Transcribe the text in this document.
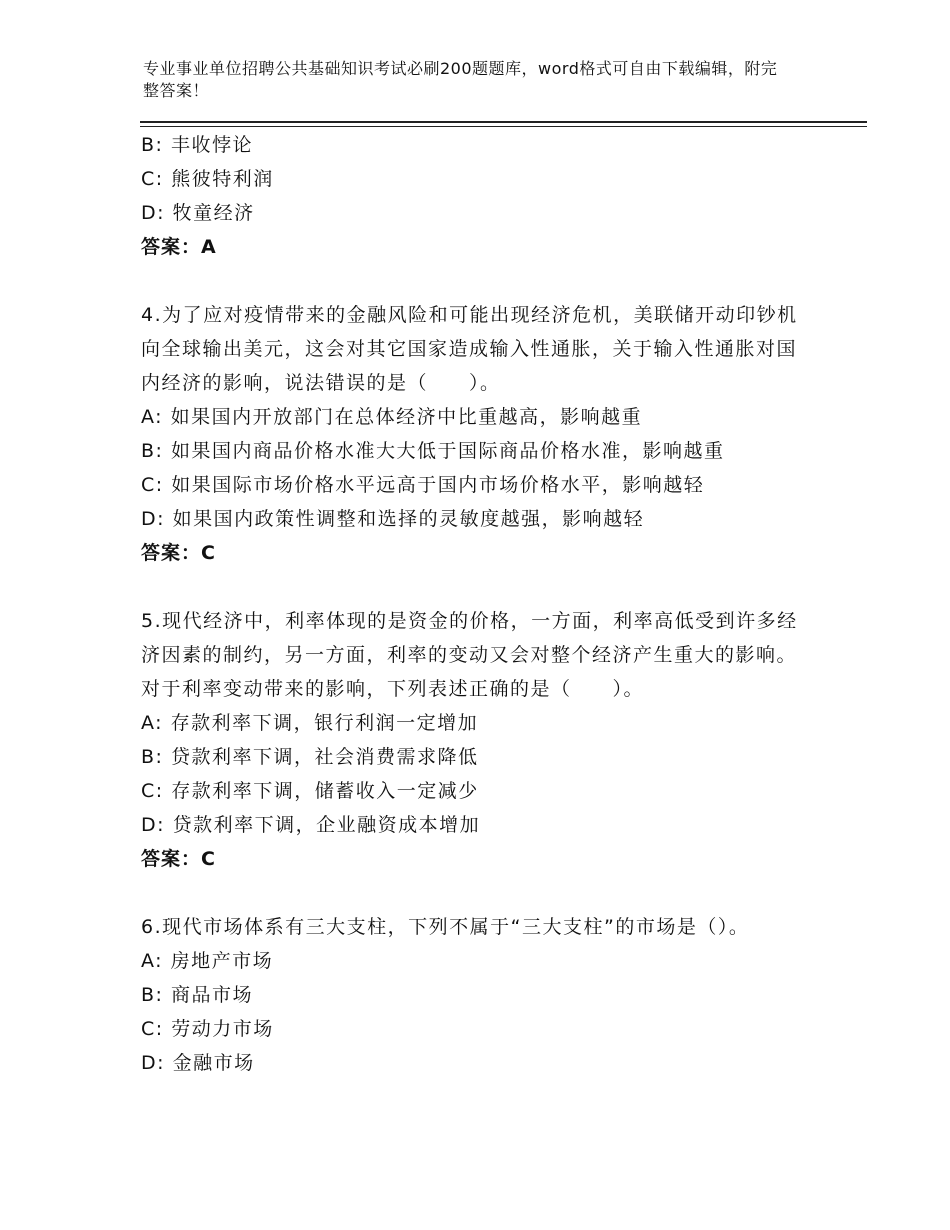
专业事业单位招聘公共基础知识考试必刷200题题库，word格式可自由下载编辑，附完整答案！
B: 丰收悖论
C: 熊彼特利润
D: 牧童经济
答案：A
4.为了应对疫情带来的金融风险和可能出现经济危机，美联储开动印钞机向全球输出美元，这会对其它国家造成输入性通胀，关于输入性通胀对国内经济的影响，说法错误的是（　　）。
A: 如果国内开放部门在总体经济中比重越高，影响越重
B: 如果国内商品价格水准大大低于国际商品价格水准，影响越重
C: 如果国际市场价格水平远高于国内市场价格水平，影响越轻
D: 如果国内政策性调整和选择的灵敏度越强，影响越轻
答案：C
5.现代经济中，利率体现的是资金的价格，一方面，利率高低受到许多经济因素的制约，另一方面，利率的变动又会对整个经济产生重大的影响。对于利率变动带来的影响，下列表述正确的是（　　）。
A: 存款利率下调，银行利润一定增加
B: 贷款利率下调，社会消费需求降低
C: 存款利率下调，储蓄收入一定减少
D: 贷款利率下调，企业融资成本增加
答案：C
6.现代市场体系有三大支柱，下列不属于“三大支柱”的市场是（）。
A: 房地产市场
B: 商品市场
C: 劳动力市场
D: 金融市场
